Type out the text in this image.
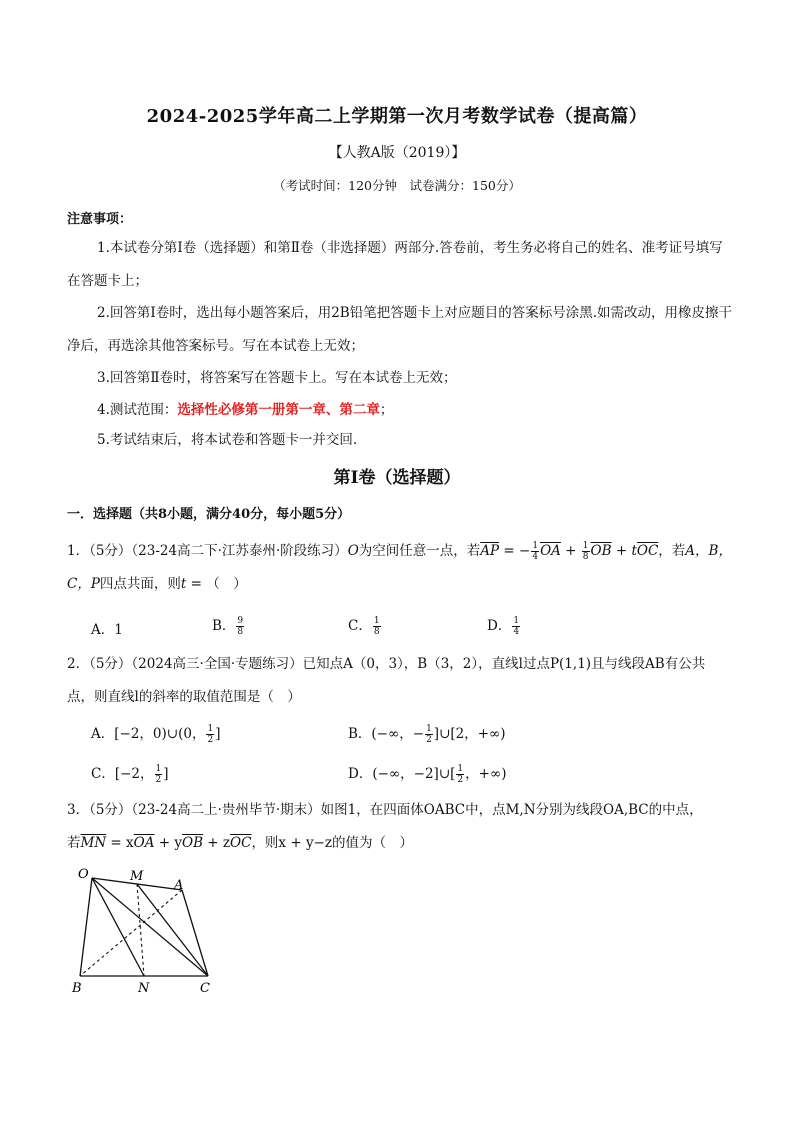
2024-2025学年高二上学期第一次月考数学试卷（提高篇）
【人教A版（2019）】
（考试时间：120分钟　试卷满分：150分）
注意事项：
1.本试卷分第Ⅰ卷（选择题）和第Ⅱ卷（非选择题）两部分.答卷前，考生务必将自己的姓名、准考证号填写
在答题卡上；
2.回答第Ⅰ卷时，选出每小题答案后，用2B铅笔把答题卡上对应题目的答案标号涂黑.如需改动，用橡皮擦干
净后，再选涂其他答案标号。写在本试卷上无效；
3.回答第Ⅱ卷时，将答案写在答题卡上。写在本试卷上无效；
4.测试范围：选择性必修第一册第一章、第二章；
5.考试结束后，将本试卷和答题卡一并交回.
第Ⅰ卷（选择题）
一．选择题（共8小题，满分40分，每小题5分）
1．（5分）（23-24高二下·江苏泰州·阶段练习）O为空间任意一点，若$\overline{AP}$ = − $\frac{1}{4} \overline{OA} + \frac{1}{8} \overline{OB} + t\overline{OC}$，若A，B，
C，P四点共面，则t = （　）
A．1	B． $\frac{9}{8}$	C． $\frac{1}{8}$	D． $\frac{1}{4}$
2．（5分）（2024高三·全国·专题练习）已知点A（0，3），B（3，2），直线l过点P(1,1)且与线段AB有公共
点，则直线l的斜率的取值范围是（　）
A．[−2，0)∪(0， $\frac{1}{2}$ ]	B．(−∞，− $\frac{1}{2}$ ]∪[2，+∞)
C．[−2， $\frac{1}{2}$ ]	D．(−∞，−2]∪[ $\frac{1}{2}$ ，+∞)
3．（5分）（23-24高二上·贵州毕节·期末）如图1，在四面体OABC中，点M,N分别为线段OA,BC的中点，
若$\overline{MN} = x\overline{OA} + y\overline{OB} + z\overline{OC}$，则x + y−z的值为（　）
O	M
A
B	N	C
